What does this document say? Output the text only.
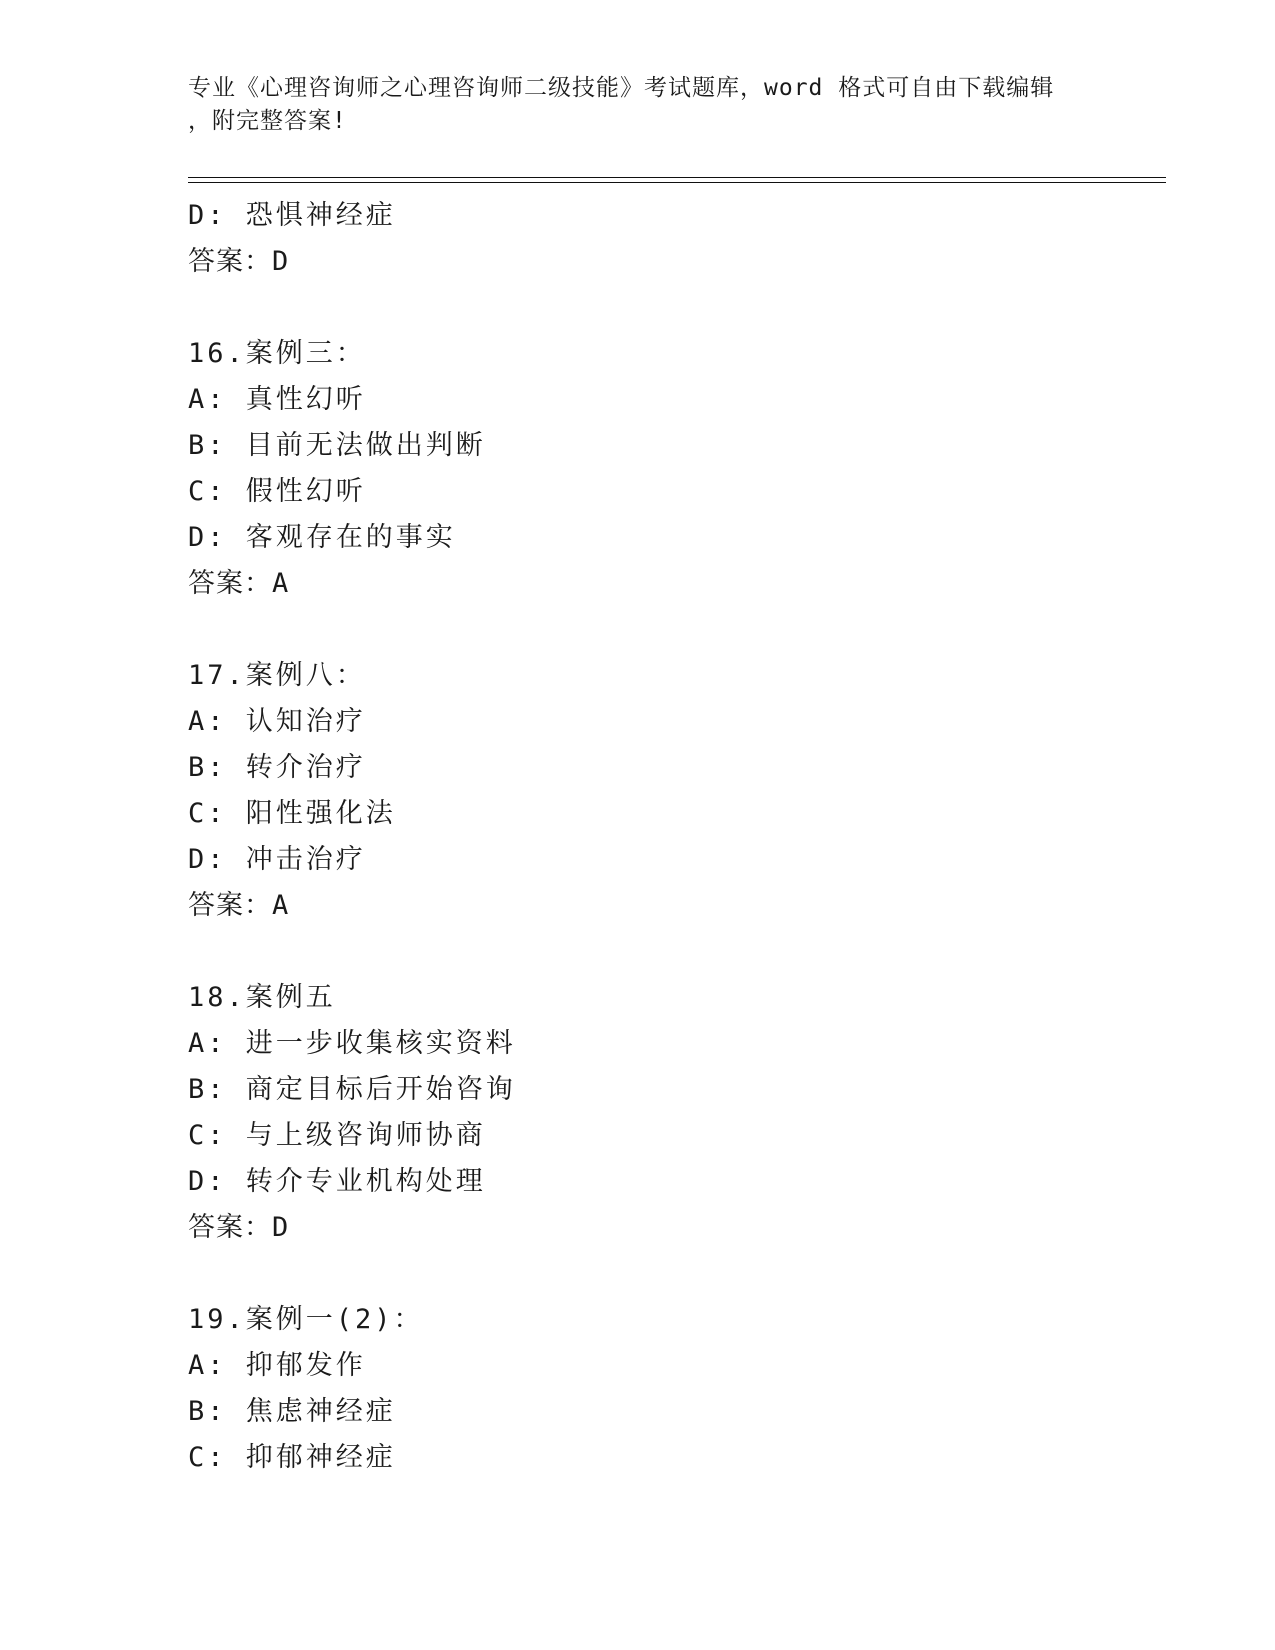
专业《心理咨询师之心理咨询师二级技能》考试题库，word 格式可自由下载编辑
，附完整答案!
D: 恐惧神经症
答案：D
16.案例三：
A: 真性幻听
B: 目前无法做出判断
C: 假性幻听
D: 客观存在的事实
答案：A
17.案例八：
A: 认知治疗
B: 转介治疗
C: 阳性强化法
D: 冲击治疗
答案：A
18.案例五
A: 进一步收集核实资料
B: 商定目标后开始咨询
C: 与上级咨询师协商
D: 转介专业机构处理
答案：D
19.案例一(2)：
A: 抑郁发作
B: 焦虑神经症
C: 抑郁神经症
